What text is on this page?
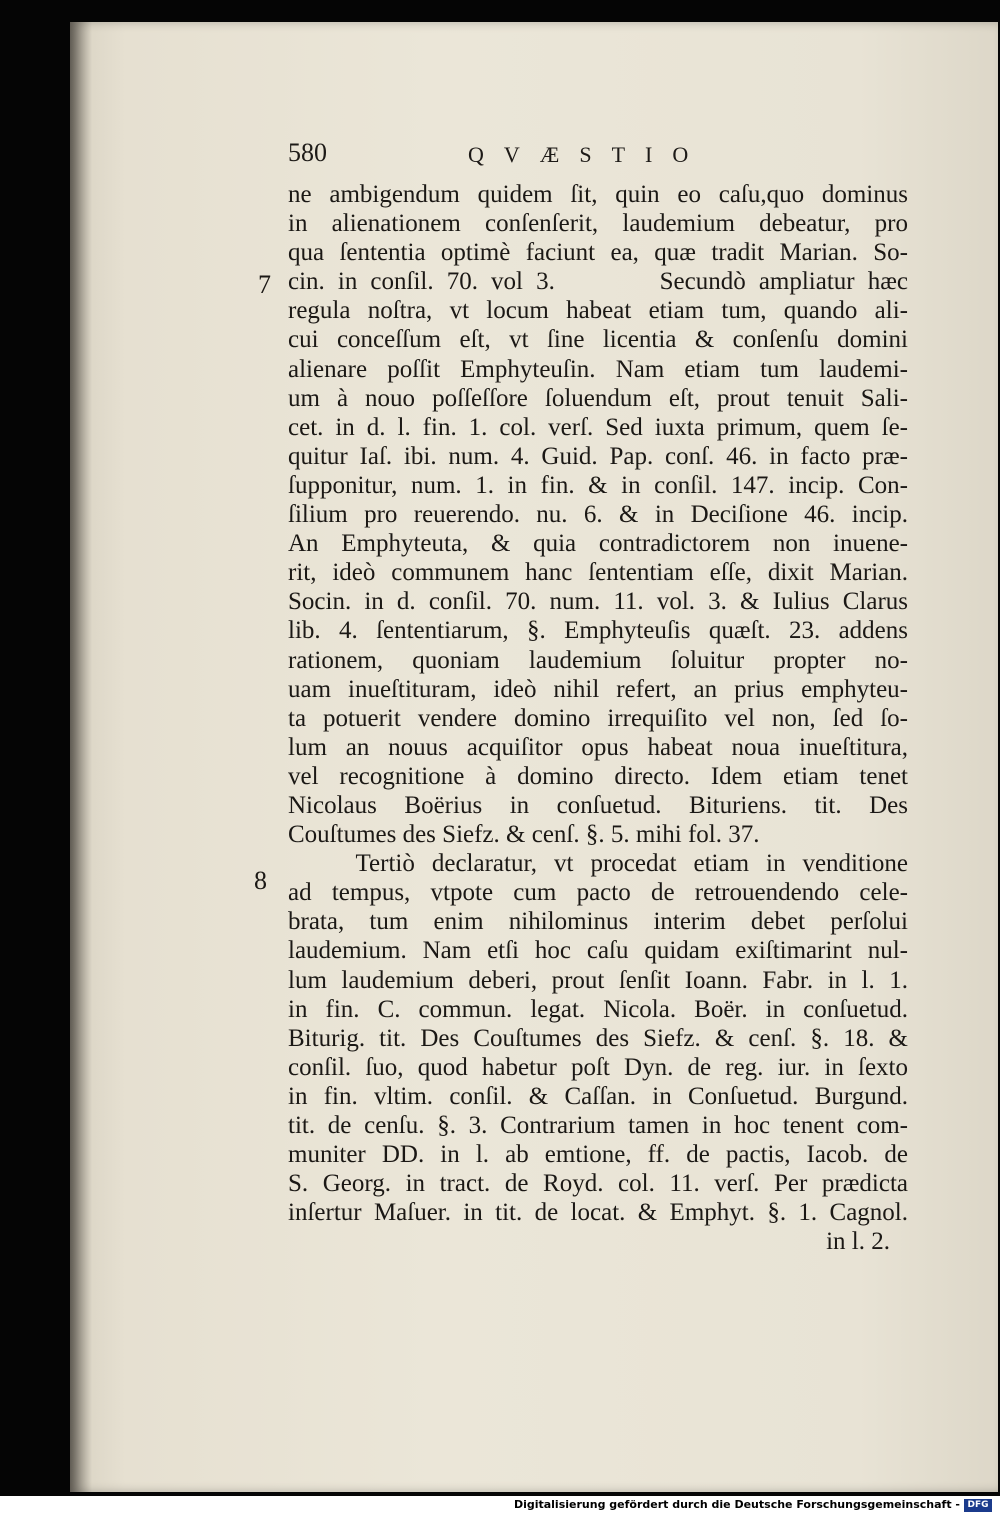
580	QVÆSTIO
7
8
ne ambigendum quidem ſit, quin eo caſu,quo dominus
in alienationem conſenſerit, laudemium debeatur, pro
qua ſententia optimè faciunt ea, quæ tradit Marian. So-
cin. in conſil. 70. vol 3.        Secundò ampliatur hæc
regula noſtra, vt locum habeat etiam tum, quando ali-
cui conceſſum eſt, vt ſine licentia & conſenſu domini
alienare poſſit Emphyteuſin. Nam etiam tum laudemi-
um à nouo poſſeſſore ſoluendum eſt, prout tenuit Sali-
cet. in d. l. fin. 1. col. verſ. Sed iuxta primum, quem ſe-
quitur Iaſ. ibi. num. 4. Guid. Pap. conſ. 46. in facto præ-
ſupponitur, num. 1. in fin. & in conſil. 147. incip. Con-
ſilium pro reuerendo. nu. 6. & in Deciſione 46. incip.
An Emphyteuta, & quia contradictorem non inuene-
rit, ideò communem hanc ſententiam eſſe, dixit Marian.
Socin. in d. conſil. 70. num. 11. vol. 3. & Iulius Clarus
lib. 4. ſententiarum, §. Emphyteuſis quæſt. 23. addens
rationem, quoniam laudemium ſoluitur propter no-
uam inueſtituram, ideò nihil refert, an prius emphyteu-
ta potuerit vendere domino irrequiſito vel non, ſed ſo-
lum an nouus acquiſitor opus habeat noua inueſtitura,
vel recognitione à domino directo. Idem etiam tenet
Nicolaus Boërius in conſuetud. Bituriens. tit. Des
Couſtumes des Siefz. & cenſ. §. 5. mihi fol. 37.
Tertiò declaratur, vt procedat etiam in venditione
ad tempus, vtpote cum pacto de retrouendendo cele-
brata, tum enim nihilominus interim debet perſolui
laudemium. Nam etſi hoc caſu quidam exiſtimarint nul-
lum laudemium deberi, prout ſenſit Ioann. Fabr. in l. 1.
in fin. C. commun. legat. Nicola. Boër. in conſuetud.
Biturig. tit. Des Couſtumes des Siefz. & cenſ. §. 18. &
conſil. ſuo, quod habetur poſt Dyn. de reg. iur. in ſexto
in fin. vltim. conſil. & Caſſan. in Conſuetud. Burgund.
tit. de cenſu. §. 3. Contrarium tamen in hoc tenent com-
muniter DD. in l. ab emtione, ff. de pactis, Iacob. de
S. Georg. in tract. de Royd. col. 11. verſ. Per prædicta
inſertur Maſuer. in tit. de locat. & Emphyt. §. 1. Cagnol.
in l. 2.
Digitalisierung gefördert durch die Deutsche Forschungsgemeinschaft - DFG
